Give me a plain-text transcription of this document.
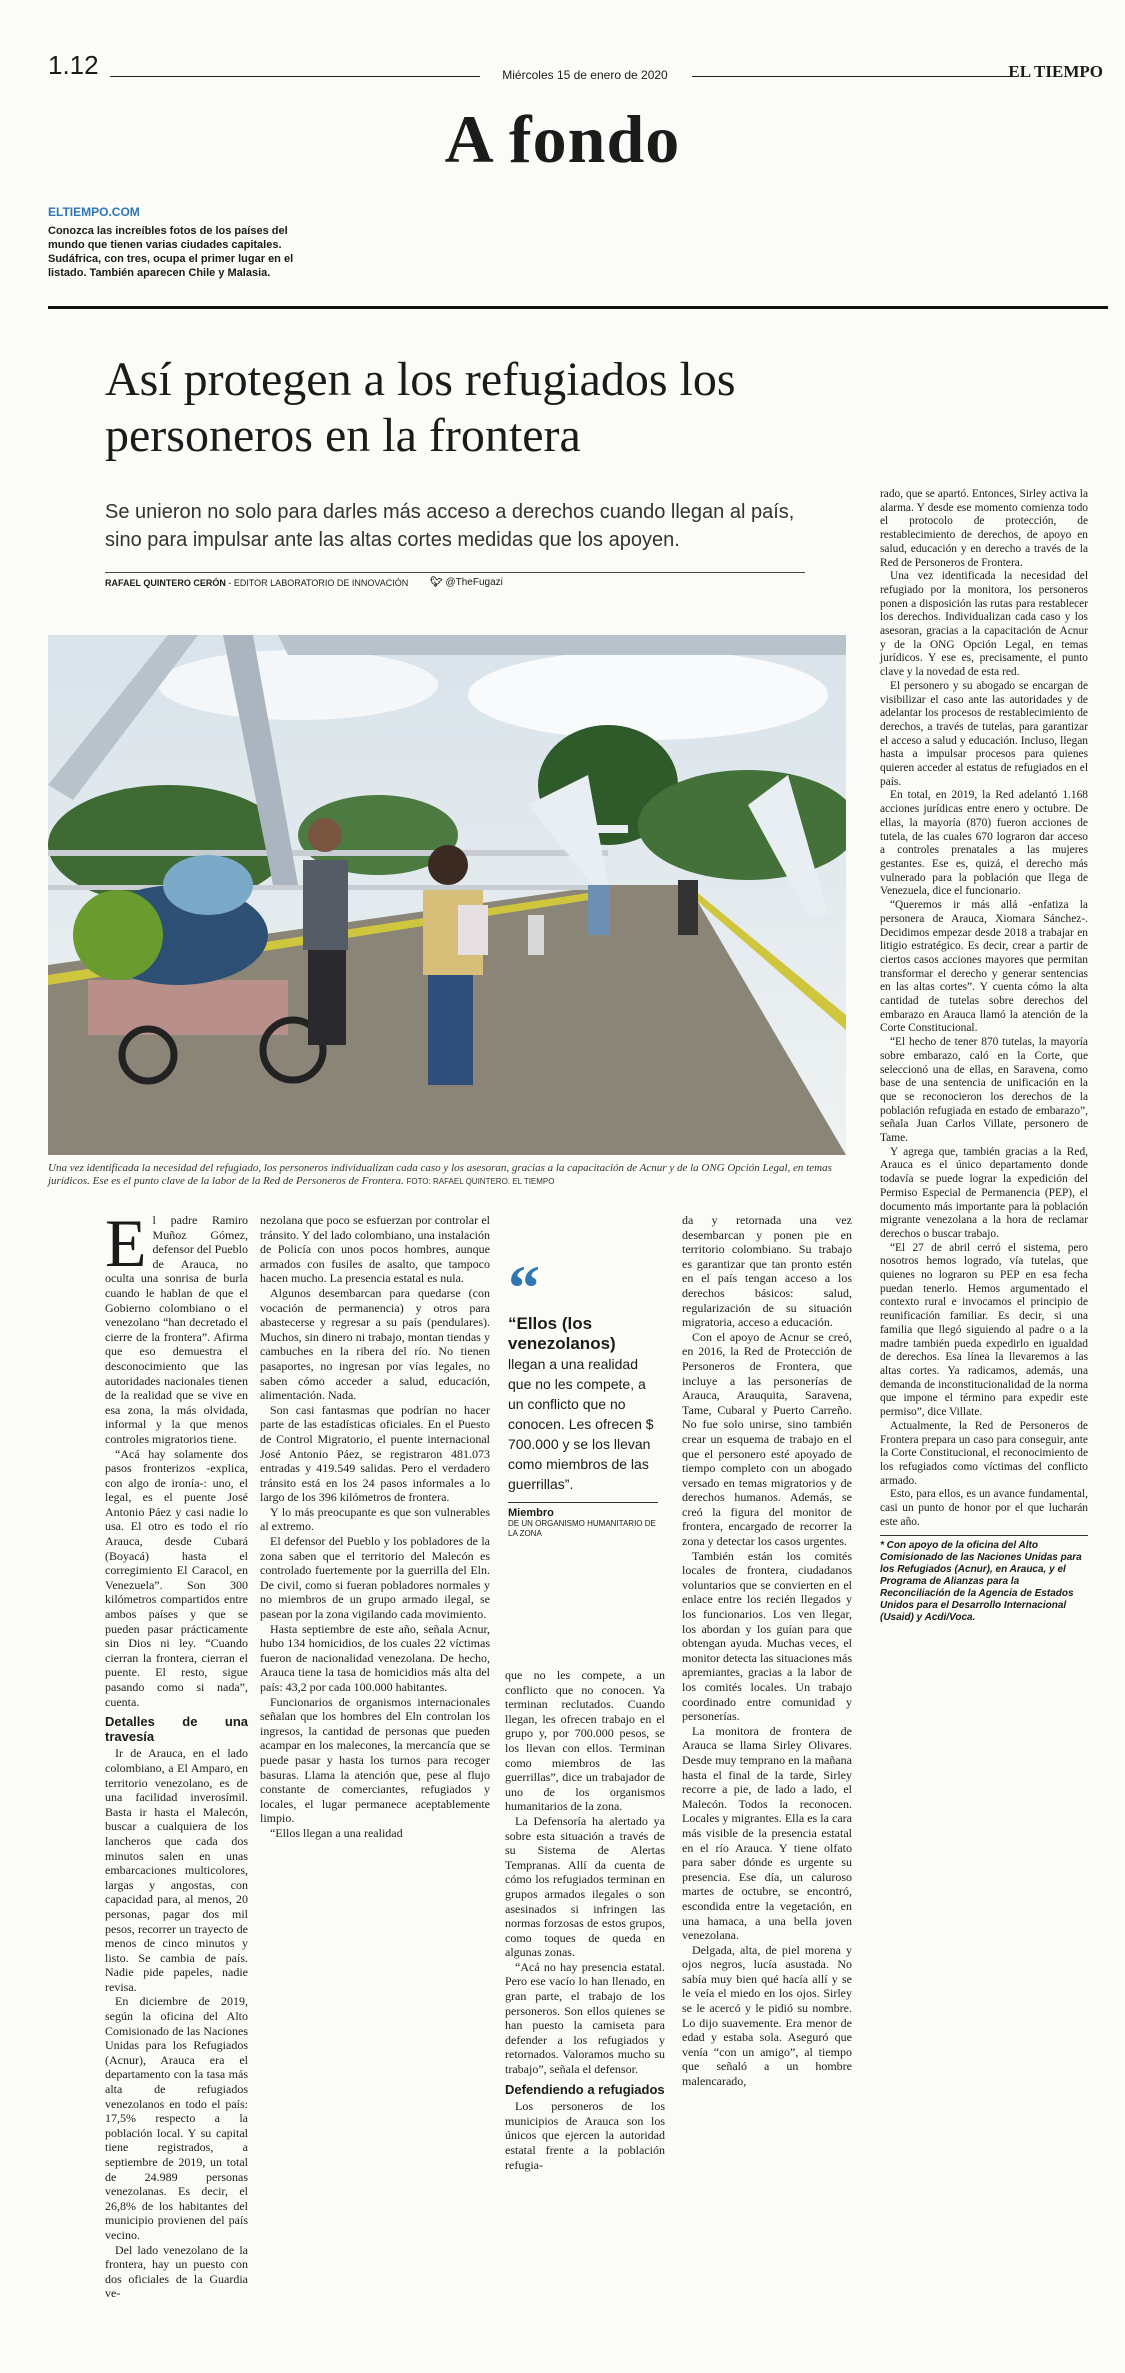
1.12	Miércoles 15 de enero de 2020	EL TIEMPO
A fondo
ELTIEMPO.COM
Conozca las increíbles fotos de los países del mundo que tienen varias ciudades capitales. Sudáfrica, con tres, ocupa el primer lugar en el listado. También aparecen Chile y Malasia.
Así protegen a los refugiados los personeros en la frontera
Se unieron no solo para darles más acceso a derechos cuando llegan al país, sino para impulsar ante las altas cortes medidas que los apoyen.
RAFAEL QUINTERO CERÓN - EDITOR LABORATORIO DE INNOVACIÓN 🐦︎ @TheFugazi
Una vez identificada la necesidad del refugiado, los personeros individualizan cada caso y los asesoran, gracias a la capacitación de Acnur y de la ONG Opción Legal, en temas jurídicos. Ese es el punto clave de la labor de la Red de Personeros de Frontera. FOTO: RAFAEL QUINTERO. EL TIEMPO

El padre Ramiro Muñoz Gómez, defensor del Pueblo de Arauca, no oculta una sonrisa de burla cuando le hablan de que el Gobierno colombiano o el venezolano “han decretado el cierre de la frontera”. Afirma que eso demuestra el desconocimiento que las autoridades nacionales tienen de la realidad que se vive en esa zona, la más olvidada, informal y la que menos controles migratorios tiene.

“Acá hay solamente dos pasos fronterizos -explica, con algo de ironía-: uno, el legal, es el puente José Antonio Páez y casi nadie lo usa. El otro es todo el río Arauca, desde Cubará (Boyacá) hasta el corregimiento El Caracol, en Venezuela”. Son 300 kilómetros compartidos entre ambos países y que se pueden pasar prácticamente sin Dios ni ley. “Cuando cierran la frontera, cierran el puente. El resto, sigue pasando como si nada”, cuenta.

Detalles de una travesía

Ir de Arauca, en el lado colombiano, a El Amparo, en territorio venezolano, es de una facilidad inverosímil. Basta ir hasta el Malecón, buscar a cualquiera de los lancheros que cada dos minutos salen en unas embarcaciones multicolores, largas y angostas, con capacidad para, al menos, 20 personas, pagar dos mil pesos, recorrer un trayecto de menos de cinco minutos y listo. Se cambia de país. Nadie pide papeles, nadie revisa.

En diciembre de 2019, según la oficina del Alto Comisionado de las Naciones Unidas para los Refugiados (Acnur), Arauca era el departamento con la tasa más alta de refugiados venezolanos en todo el país: 17,5% respecto a la población local. Y su capital tiene registrados, a septiembre de 2019, un total de 24.989 personas venezolanas. Es decir, el 26,8% de los habitantes del municipio provienen del país vecino.

Del lado venezolano de la frontera, hay un puesto con dos oficiales de la Guardia ve-

nezolana que poco se esfuerzan por controlar el tránsito. Y del lado colombiano, una instalación de Policía con unos pocos hombres, aunque armados con fusiles de asalto, que tampoco hacen mucho. La presencia estatal es nula.

Algunos desembarcan para quedarse (con vocación de permanencia) y otros para abastecerse y regresar a su país (pendulares). Muchos, sin dinero ni trabajo, montan tiendas y cambuches en la ribera del río. No tienen pasaportes, no ingresan por vías legales, no saben cómo acceder a salud, educación, alimentación. Nada.

Son casi fantasmas que podrían no hacer parte de las estadísticas oficiales. En el Puesto de Control Migratorio, el puente internacional José Antonio Páez, se registraron 481.073 entradas y 419.549 salidas. Pero el verdadero tránsito está en los 24 pasos informales a lo largo de los 396 kilómetros de frontera.

Y lo más preocupante es que son vulnerables al extremo.

El defensor del Pueblo y los pobladores de la zona saben que el territorio del Malecón es controlado fuertemente por la guerrilla del Eln. De civil, como si fueran pobladores normales y no miembros de un grupo armado ilegal, se pasean por la zona vigilando cada movimiento.

Hasta septiembre de este año, señala Acnur, hubo 134 homicidios, de los cuales 22 víctimas fueron de nacionalidad venezolana. De hecho, Arauca tiene la tasa de homicidios más alta del país: 43,2 por cada 100.000 habitantes.

Funcionarios de organismos internacionales señalan que los hombres del Eln controlan los ingresos, la cantidad de personas que pueden acampar en los malecones, la mercancía que se puede pasar y hasta los turnos para recoger basuras. Llama la atención que, pese al flujo constante de comerciantes, refugiados y locales, el lugar permanece aceptablemente limpio.

“Ellos llegan a una realidad

“
“Ellos (los venezolanos)
llegan a una realidad que no les compete, a un conflicto que no conocen. Les ofrecen $ 700.000 y se los llevan como miembros de las guerrillas”.
Miembro
DE UN ORGANISMO HUMANITARIO DE LA ZONA

que no les compete, a un conflicto que no conocen. Ya terminan reclutados. Cuando llegan, les ofrecen trabajo en el grupo y, por 700.000 pesos, se los llevan con ellos. Terminan como miembros de las guerrillas”, dice un trabajador de uno de los organismos humanitarios de la zona.

La Defensoría ha alertado ya sobre esta situación a través de su Sistema de Alertas Tempranas. Allí da cuenta de cómo los refugiados terminan en grupos armados ilegales o son asesinados si infringen las normas forzosas de estos grupos, como toques de queda en algunas zonas.

“Acá no hay presencia estatal. Pero ese vacío lo han llenado, en gran parte, el trabajo de los personeros. Son ellos quienes se han puesto la camiseta para defender a los refugiados y retornados. Valoramos mucho su trabajo”, señala el defensor.

Defendiendo a refugiados

Los personeros de los municipios de Arauca son los únicos que ejercen la autoridad estatal frente a la población refugia-

da y retornada una vez desembarcan y ponen pie en territorio colombiano. Su trabajo es garantizar que tan pronto estén en el país tengan acceso a los derechos básicos: salud, regularización de su situación migratoria, acceso a educación.

Con el apoyo de Acnur se creó, en 2016, la Red de Protección de Personeros de Frontera, que incluye a las personerías de Arauca, Arauquita, Saravena, Tame, Cubaral y Puerto Carreño. No fue solo unirse, sino también crear un esquema de trabajo en el que el personero esté apoyado de tiempo completo con un abogado versado en temas migratorios y de derechos humanos. Además, se creó la figura del monitor de frontera, encargado de recorrer la zona y detectar los casos urgentes.

También están los comités locales de frontera, ciudadanos voluntarios que se convierten en el enlace entre los recién llegados y los funcionarios. Los ven llegar, los abordan y los guían para que obtengan ayuda. Muchas veces, el monitor detecta las situaciones más apremiantes, gracias a la labor de los comités locales. Un trabajo coordinado entre comunidad y personerías.

La monitora de frontera de Arauca se llama Sirley Olivares. Desde muy temprano en la mañana hasta el final de la tarde, Sirley recorre a pie, de lado a lado, el Malecón. Todos la reconocen. Locales y migrantes. Ella es la cara más visible de la presencia estatal en el río Arauca. Y tiene olfato para saber dónde es urgente su presencia. Ese día, un caluroso martes de octubre, se encontró, escondida entre la vegetación, en una hamaca, a una bella joven venezolana.

Delgada, alta, de piel morena y ojos negros, lucía asustada. No sabía muy bien qué hacía allí y se le veía el miedo en los ojos. Sirley se le acercó y le pidió su nombre. Lo dijo suavemente. Era menor de edad y estaba sola. Aseguró que venía “con un amigo”, al tiempo que señaló a un hombre malencarado,

rado, que se apartó. Entonces, Sirley activa la alarma. Y desde ese momento comienza todo el protocolo de protección, de restablecimiento de derechos, de apoyo en salud, educación y en derecho a través de la Red de Personeros de Frontera.

Una vez identificada la necesidad del refugiado por la monitora, los personeros ponen a disposición las rutas para restablecer los derechos. Individualizan cada caso y los asesoran, gracias a la capacitación de Acnur y de la ONG Opción Legal, en temas jurídicos. Y ese es, precisamente, el punto clave y la novedad de esta red.

El personero y su abogado se encargan de visibilizar el caso ante las autoridades y de adelantar los procesos de restablecimiento de derechos, a través de tutelas, para garantizar el acceso a salud y educación. Incluso, llegan hasta a impulsar procesos para quienes quieren acceder al estatus de refugiados en el país.

En total, en 2019, la Red adelantó 1.168 acciones jurídicas entre enero y octubre. De ellas, la mayoría (870) fueron acciones de tutela, de las cuales 670 lograron dar acceso a controles prenatales a las mujeres gestantes. Ese es, quizá, el derecho más vulnerado para la población que llega de Venezuela, dice el funcionario.

“Queremos ir más allá -enfatiza la personera de Arauca, Xiomara Sánchez-. Decidimos empezar desde 2018 a trabajar en litigio estratégico. Es decir, crear a partir de ciertos casos acciones mayores que permitan transformar el derecho y generar sentencias en las altas cortes”. Y cuenta cómo la alta cantidad de tutelas sobre derechos del embarazo en Arauca llamó la atención de la Corte Constitucional.

“El hecho de tener 870 tutelas, la mayoría sobre embarazo, caló en la Corte, que seleccionó una de ellas, en Saravena, como base de una sentencia de unificación en la que se reconocieron los derechos de la población refugiada en estado de embarazo”, señala Juan Carlos Villate, personero de Tame.

Y agrega que, también gracias a la Red, Arauca es el único departamento donde todavía se puede lograr la expedición del Permiso Especial de Permanencia (PEP), el documento más importante para la población migrante venezolana a la hora de reclamar derechos o buscar trabajo.

“El 27 de abril cerró el sistema, pero nosotros hemos logrado, vía tutelas, que quienes no lograron su PEP en esa fecha puedan tenerlo. Hemos argumentado el contexto rural e invocamos el principio de reunificación familiar. Es decir, si una familia que llegó siguiendo al padre o a la madre también pueda expedirlo en igualdad de derechos. Esa línea la llevaremos a las altas cortes. Ya radicamos, además, una demanda de inconstitucionalidad de la norma que impone el término para expedir este permiso”, dice Villate.

Actualmente, la Red de Personeros de Frontera prepara un caso para conseguir, ante la Corte Constitucional, el reconocimiento de los refugiados como víctimas del conflicto armado.

Esto, para ellos, es un avance fundamental, casi un punto de honor por el que lucharán este año.

* Con apoyo de la oficina del Alto Comisionado de las Naciones Unidas para los Refugiados (Acnur), en Arauca, y el Programa de Alianzas para la Reconciliación de la Agencia de Estados Unidos para el Desarrollo Internacional (Usaid) y Acdi/Voca.
